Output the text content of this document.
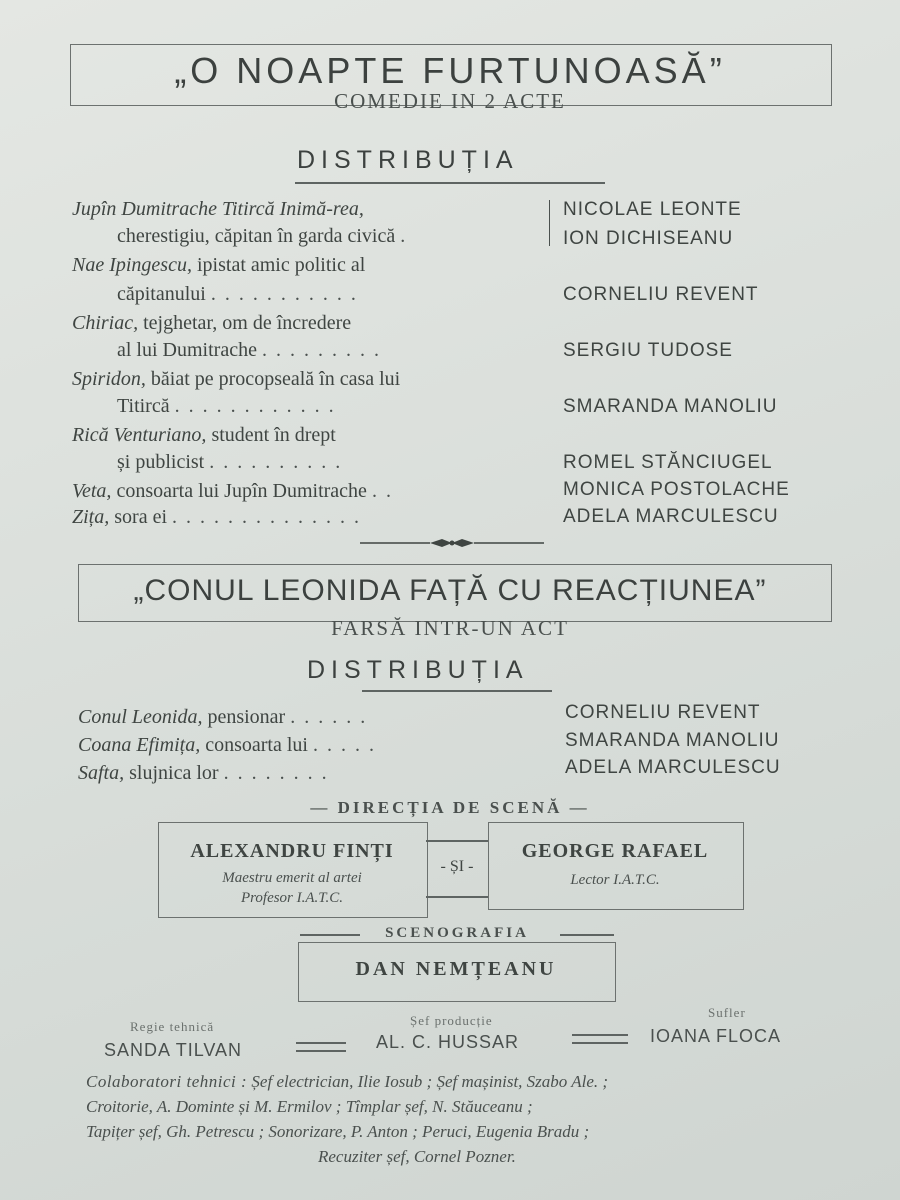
„O NOAPTE FURTUNOASĂ”
COMEDIE IN 2 ACTE
DISTRIBUȚIA
Jupîn Dumitrache Titircă Inimă-rea,
cherestigiu, căpitan în garda civică .
Nae Ipingescu, ipistat amic politic al
căpitanului ...........
Chiriac, tejghetar, om de încredere
al lui Dumitrache .........
Spiridon, băiat pe procopseală în casa lui
Titircă ............
Rică Venturiano, student în drept
și publicist ..........
Veta, consoarta lui Jupîn Dumitrache ..
Zița, sora ei ..............
NICOLAE LEONTE
ION DICHISEANU
CORNELIU REVENT
SERGIU TUDOSE
SMARANDA MANOLIU
ROMEL STĂNCIUGEL
MONICA POSTOLACHE
ADELA MARCULESCU
„CONUL LEONIDA FAȚĂ CU REACȚIUNEA”
FARSĂ INTR-UN ACT
DISTRIBUȚIA
Conul Leonida, pensionar ......
Coana Efimița, consoarta lui .....
Safta, slujnica lor ........
CORNELIU REVENT
SMARANDA MANOLIU
ADELA MARCULESCU
— DIRECȚIA DE SCENĂ —
ALEXANDRU FINȚI
Maestru emerit al artei
Profesor I.A.T.C.
- ȘI -
GEORGE RAFAEL
Lector I.A.T.C.
SCENOGRAFIA
DAN NEMȚEANU
Regie tehnică
SANDA TILVAN
Șef producție
AL. C. HUSSAR
Sufler
IOANA FLOCA
Colaboratori tehnici : Șef electrician, Ilie Iosub ; Șef mașinist, Szabo Ale. ;
Croitorie, A. Dominte și M. Ermilov ; Tîmplar șef, N. Stăuceanu ;
Tapițer șef, Gh. Petrescu ; Sonorizare, P. Anton ; Peruci, Eugenia Bradu ;
Recuziter șef, Cornel Pozner.
